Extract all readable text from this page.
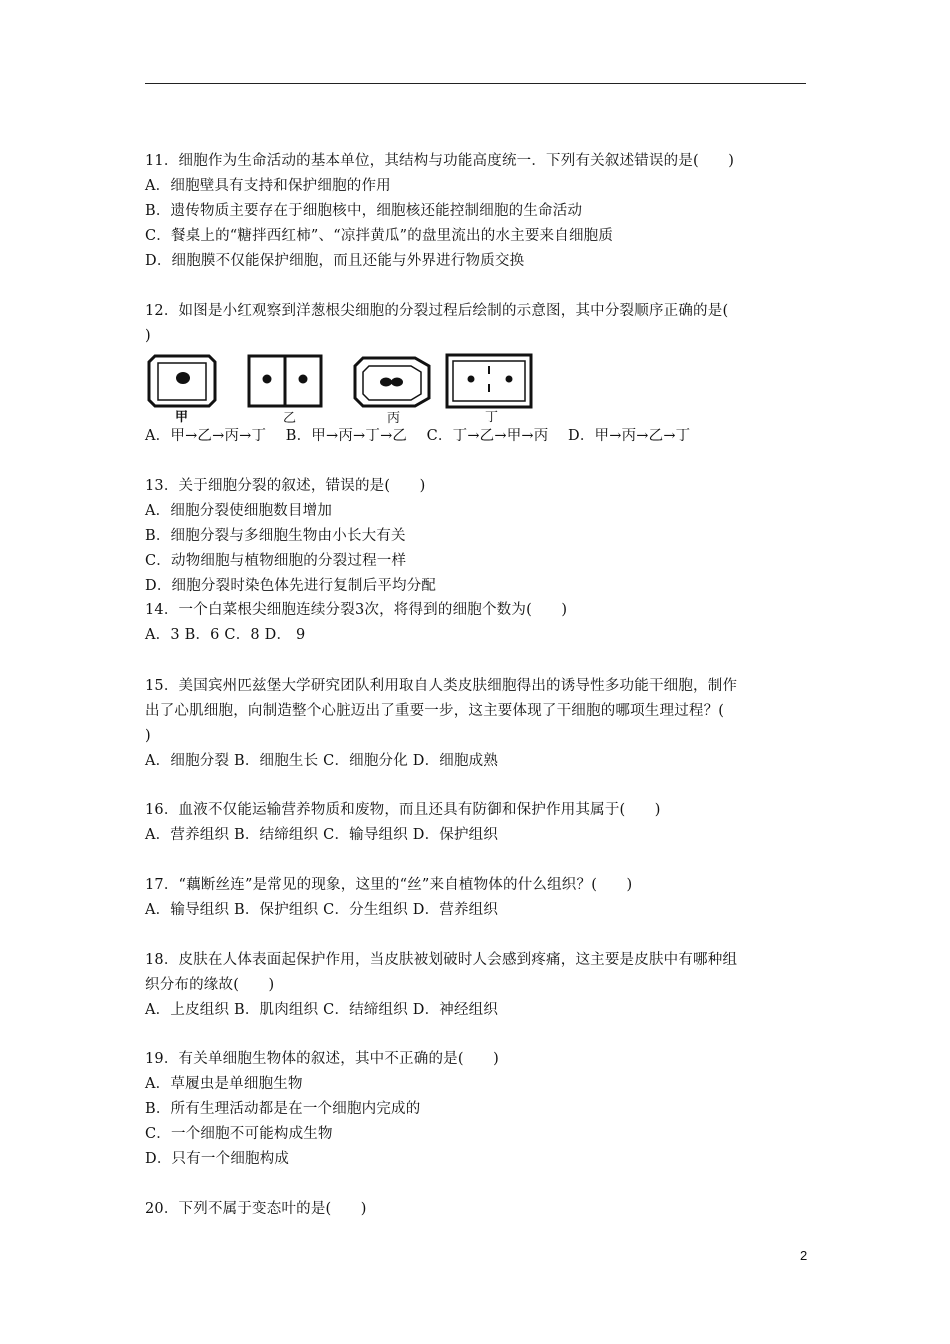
11．细胞作为生命活动的基本单位，其结构与功能高度统一．下列有关叙述错误的是(　　)
A．细胞壁具有支持和保护细胞的作用
B．遗传物质主要存在于细胞核中，细胞核还能控制细胞的生命活动
C．餐桌上的“糖拌西红柿”、“凉拌黄瓜”的盘里流出的水主要来自细胞质
D．细胞膜不仅能保护细胞，而且还能与外界进行物质交换
12．如图是小红观察到洋葱根尖细胞的分裂过程后绘制的示意图，其中分裂顺序正确的是(
)
甲	乙	丙	丁
A．甲→乙→丙→丁　 B．甲→丙→丁→乙　 C．丁→乙→甲→丙　 D．甲→丙→乙→丁
13．关于细胞分裂的叙述，错误的是(　　)
A．细胞分裂使细胞数目增加
B．细胞分裂与多细胞生物由小长大有关
C．动物细胞与植物细胞的分裂过程一样
D．细胞分裂时染色体先进行复制后平均分配
14．一个白菜根尖细胞连续分裂3次，将得到的细胞个数为(　　)
A．3 B．6 C．8 D． 9
15．美国宾州匹兹堡大学研究团队利用取自人类皮肤细胞得出的诱导性多功能干细胞，制作
出了心肌细胞，向制造整个心脏迈出了重要一步，这主要体现了干细胞的哪项生理过程？(
)
A．细胞分裂 B．细胞生长 C．细胞分化 D．细胞成熟
16．血液不仅能运输营养物质和废物，而且还具有防御和保护作用其属于(　　)
A．营养组织 B．结缔组织 C．输导组织 D．保护组织
17．“藕断丝连”是常见的现象，这里的“丝”来自植物体的什么组织？(　　)
A．输导组织 B．保护组织 C．分生组织 D．营养组织
18．皮肤在人体表面起保护作用，当皮肤被划破时人会感到疼痛，这主要是皮肤中有哪种组
织分布的缘故(　　)
A．上皮组织 B．肌肉组织 C．结缔组织 D．神经组织
19．有关单细胞生物体的叙述，其中不正确的是(　　)
A．草履虫是单细胞生物
B．所有生理活动都是在一个细胞内完成的
C．一个细胞不可能构成生物
D．只有一个细胞构成
20．下列不属于变态叶的是(　　)
2
